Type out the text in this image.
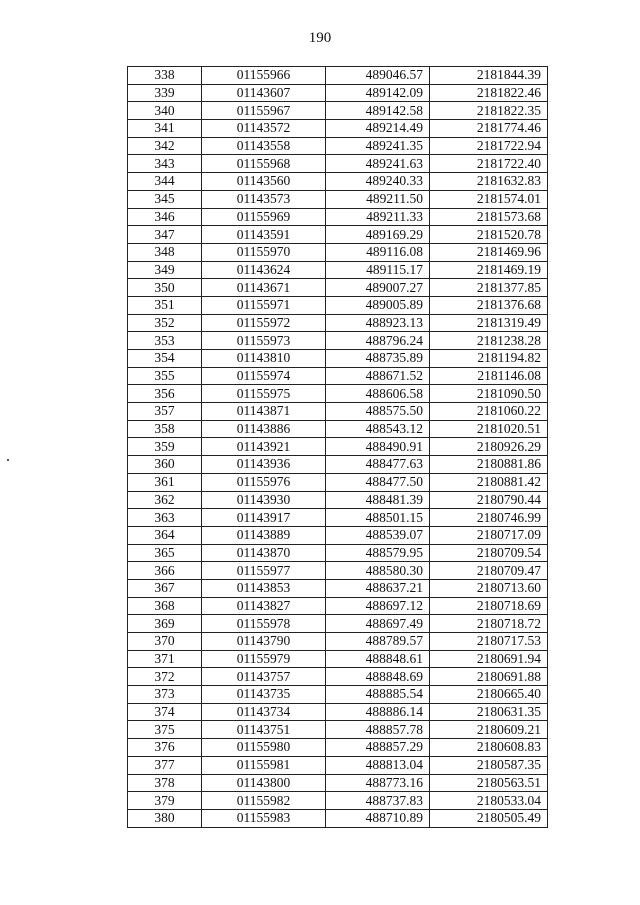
190
338	01155966	489046.57	2181844.39
339	01143607	489142.09	2181822.46
340	01155967	489142.58	2181822.35
341	01143572	489214.49	2181774.46
342	01143558	489241.35	2181722.94
343	01155968	489241.63	2181722.40
344	01143560	489240.33	2181632.83
345	01143573	489211.50	2181574.01
346	01155969	489211.33	2181573.68
347	01143591	489169.29	2181520.78
348	01155970	489116.08	2181469.96
349	01143624	489115.17	2181469.19
350	01143671	489007.27	2181377.85
351	01155971	489005.89	2181376.68
352	01155972	488923.13	2181319.49
353	01155973	488796.24	2181238.28
354	01143810	488735.89	2181194.82
355	01155974	488671.52	2181146.08
356	01155975	488606.58	2181090.50
357	01143871	488575.50	2181060.22
358	01143886	488543.12	2181020.51
359	01143921	488490.91	2180926.29
360	01143936	488477.63	2180881.86
361	01155976	488477.50	2180881.42
362	01143930	488481.39	2180790.44
363	01143917	488501.15	2180746.99
364	01143889	488539.07	2180717.09
365	01143870	488579.95	2180709.54
366	01155977	488580.30	2180709.47
367	01143853	488637.21	2180713.60
368	01143827	488697.12	2180718.69
369	01155978	488697.49	2180718.72
370	01143790	488789.57	2180717.53
371	01155979	488848.61	2180691.94
372	01143757	488848.69	2180691.88
373	01143735	488885.54	2180665.40
374	01143734	488886.14	2180631.35
375	01143751	488857.78	2180609.21
376	01155980	488857.29	2180608.83
377	01155981	488813.04	2180587.35
378	01143800	488773.16	2180563.51
379	01155982	488737.83	2180533.04
380	01155983	488710.89	2180505.49
